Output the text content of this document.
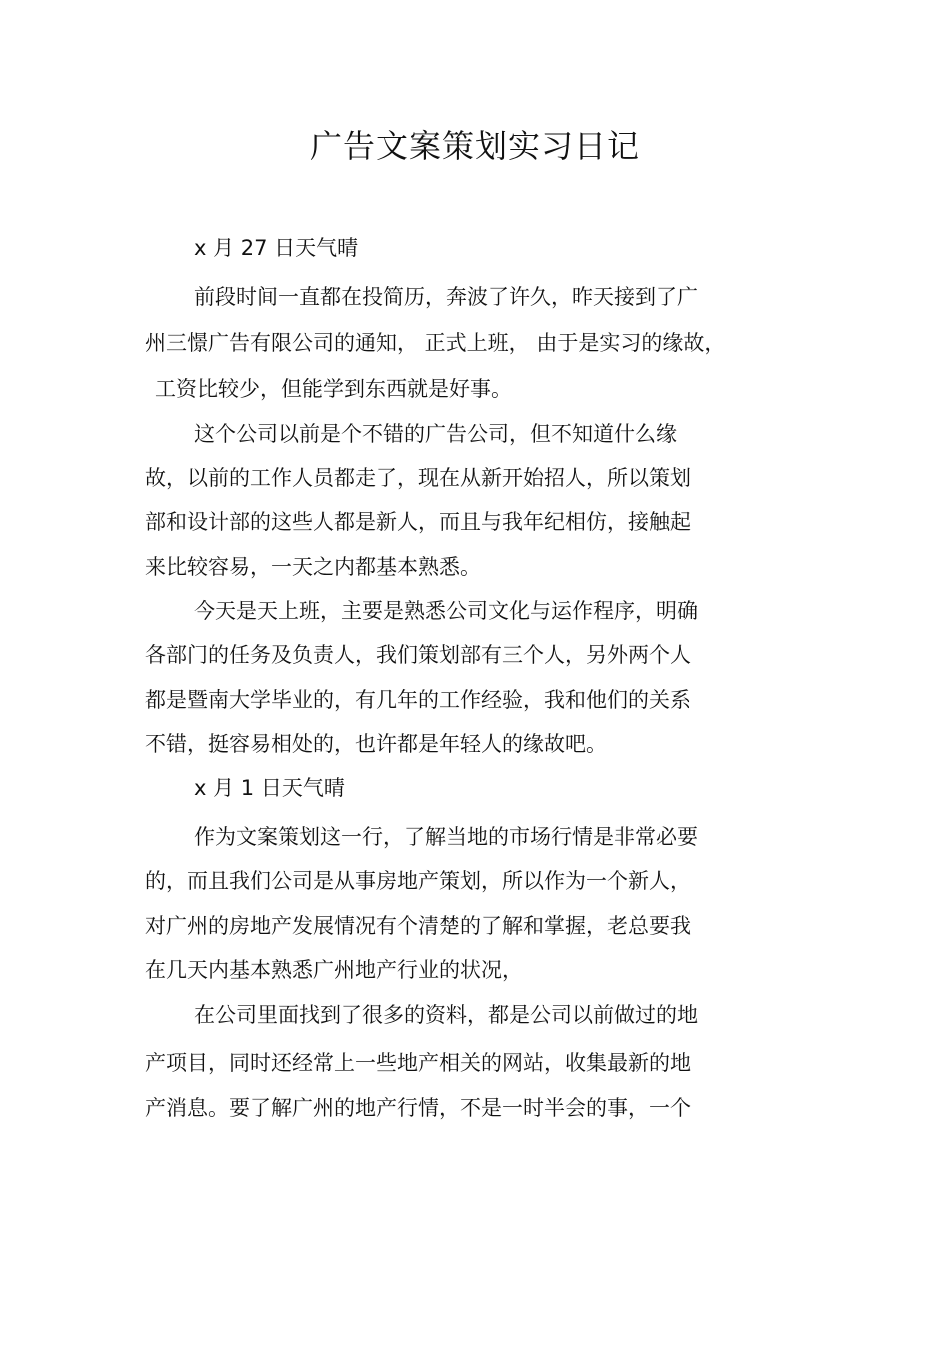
广告文案策划实习日记
x 月 27 日天气晴
前段时间一直都在投简历，奔波了许久，昨天接到了广
州三憬广告有限公司的通知， 正式上班， 由于是实习的缘故，
工资比较少，但能学到东西就是好事。
这个公司以前是个不错的广告公司，但不知道什么缘
故，以前的工作人员都走了，现在从新开始招人，所以策划
部和设计部的这些人都是新人，而且与我年纪相仿，接触起
来比较容易，一天之内都基本熟悉。
今天是天上班，主要是熟悉公司文化与运作程序，明确
各部门的任务及负责人，我们策划部有三个人，另外两个人
都是暨南大学毕业的，有几年的工作经验，我和他们的关系
不错，挺容易相处的，也许都是年轻人的缘故吧。
x 月 1 日天气晴
作为文案策划这一行，了解当地的市场行情是非常必要
的，而且我们公司是从事房地产策划，所以作为一个新人，
对广州的房地产发展情况有个清楚的了解和掌握，老总要我
在几天内基本熟悉广州地产行业的状况，
在公司里面找到了很多的资料，都是公司以前做过的地
产项目，同时还经常上一些地产相关的网站，收集最新的地
产消息。要了解广州的地产行情，不是一时半会的事，一个
